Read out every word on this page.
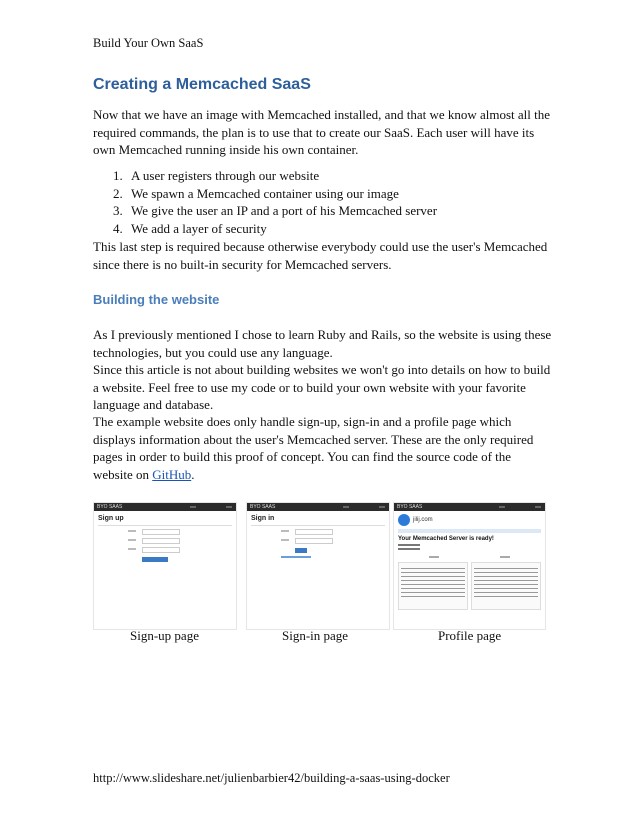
Build Your Own SaaS
Creating a Memcached SaaS
Now that we have an image with Memcached installed, and that we know almost all the required commands, the plan is to use that to create our SaaS. Each user will have its own Memcached running inside his own container.
1. A user registers through our website
2. We spawn a Memcached container using our image
3. We give the user an IP and a port of his Memcached server
4. We add a layer of security
This last step is required because otherwise everybody could use the user's Memcached since there is no built-in security for Memcached servers.
Building the website
As I previously mentioned I chose to learn Ruby and Rails, so the website is using these technologies, but you could use any language.
Since this article is not about building websites we won't go into details on how to build a website. Feel free to use my code or to build your own website with your favorite language and database.
The example website does only handle sign-up, sign-in and a profile page which displays information about the user's Memcached server. These are the only required pages in order to build this proof of concept. You can find the source code of the website on GitHub.
BYO SAAS
Sign up
BYO SAAS
Sign in
BYO SAAS
jilij.com
Your Memcached Server is ready!
Sign-up page	Sign-in page	Profile page
http://www.slideshare.net/julienbarbier42/building-a-saas-using-docker
